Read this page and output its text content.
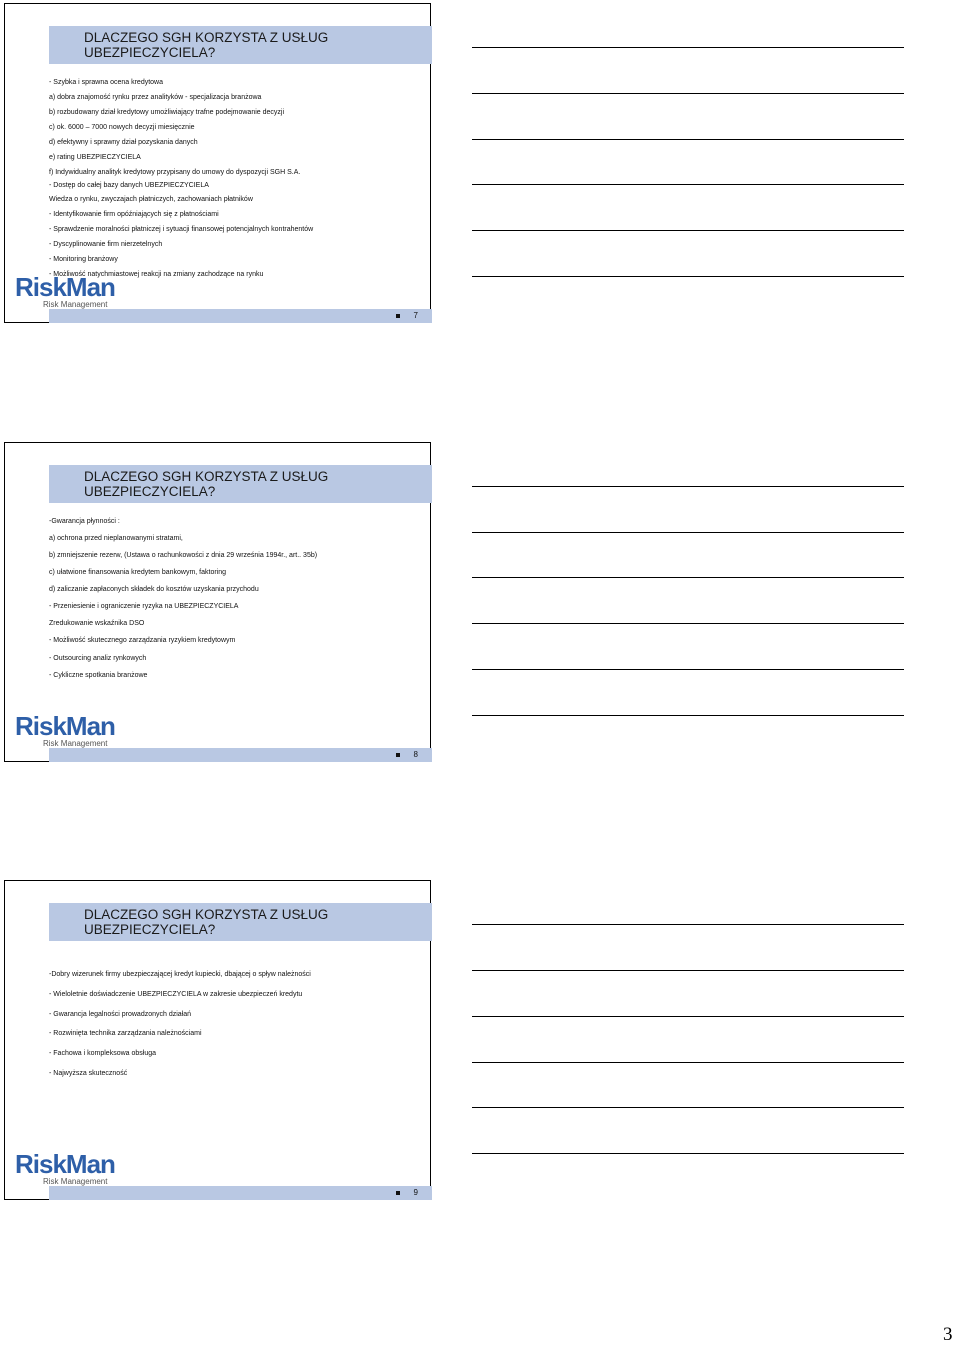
DLACZEGO SGH KORZYSTA Z USŁUG
UBEZPIECZYCIELA?
- Szybka i sprawna ocena kredytowa
a) dobra znajomość rynku przez analityków - specjalizacja branżowa
b) rozbudowany dział kredytowy umożliwiający trafne podejmowanie decyzji
c) ok. 6000 – 7000 nowych decyzji miesięcznie
d) efektywny i sprawny dział pozyskania danych
e) rating UBEZPIECZYCIELA
f) Indywidualny analityk kredytowy przypisany do umowy do dyspozycji SGH S.A.
- Dostęp do całej bazy danych UBEZPIECZYCIELA
Wiedza o rynku, zwyczajach płatniczych, zachowaniach płatników
- Identyfikowanie firm opóźniających się z płatnościami
- Sprawdzenie moralności płatniczej i sytuacji finansowej potencjalnych kontrahentów
- Dyscyplinowanie firm nierzetelnych
- Monitoring branżowy
- Możliwość natychmiastowej reakcji na zmiany zachodzące na rynku
RiskMan
Risk Management
7
DLACZEGO SGH KORZYSTA Z USŁUG
UBEZPIECZYCIELA?
-Gwarancja płynności :
a) ochrona przed nieplanowanymi stratami,
b) zmniejszenie rezerw, (Ustawa o rachunkowości z dnia 29 września 1994r., art.. 35b)
c) ułatwione finansowania kredytem bankowym, faktoring
d) zaliczanie zapłaconych składek do kosztów uzyskania przychodu
- Przeniesienie i ograniczenie ryzyka na UBEZPIECZYCIELA
Zredukowanie wskaźnika DSO
- Możliwość skutecznego zarządzania ryzykiem kredytowym
- Outsourcing analiz rynkowych
- Cykliczne spotkania branżowe
RiskMan
Risk Management
8
DLACZEGO SGH KORZYSTA Z USŁUG
UBEZPIECZYCIELA?
-Dobry wizerunek firmy ubezpieczającej kredyt kupiecki, dbającej o spływ należności
- Wieloletnie doświadczenie UBEZPIECZYCIELA w zakresie ubezpieczeń kredytu
- Gwarancja legalności prowadzonych działań
- Rozwinięta technika zarządzania należnościami
- Fachowa i kompleksowa obsługa
- Najwyższa skuteczność
RiskMan
Risk Management
9
3
